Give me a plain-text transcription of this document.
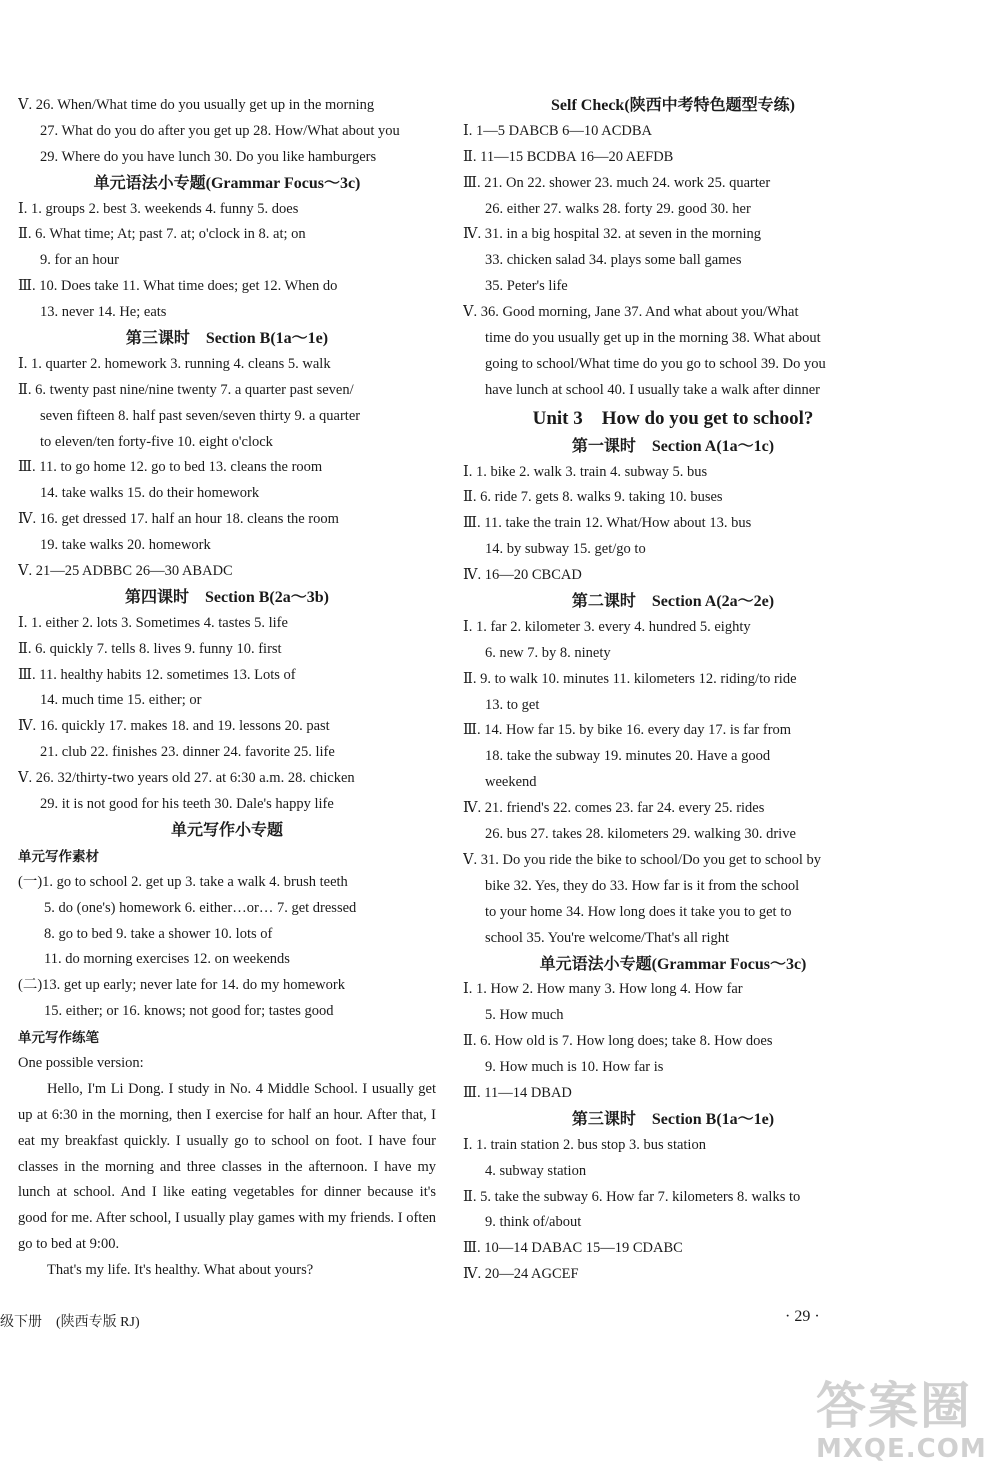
Ⅴ. 26. When/What time do you usually get up in the morning
27. What do you do after you get up 28. How/What about you
29. Where do you have lunch 30. Do you like hamburgers
单元语法小专题(Grammar Focus～3c)
Ⅰ. 1. groups 2. best 3. weekends 4. funny 5. does
Ⅱ. 6. What time; At; past 7. at; o'clock in 8. at; on
9. for an hour
Ⅲ. 10. Does take 11. What time does; get 12. When do
13. never 14. He; eats
第三课时　Section B(1a～1e)
Ⅰ. 1. quarter 2. homework 3. running 4. cleans 5. walk
Ⅱ. 6. twenty past nine/nine twenty 7. a quarter past seven/
seven fifteen 8. half past seven/seven thirty 9. a quarter
to eleven/ten forty-five 10. eight o'clock
Ⅲ. 11. to go home 12. go to bed 13. cleans the room
14. take walks 15. do their homework
Ⅳ. 16. get dressed 17. half an hour 18. cleans the room
19. take walks 20. homework
Ⅴ. 21—25 ADBBC 26—30 ABADC
第四课时　Section B(2a～3b)
Ⅰ. 1. either 2. lots 3. Sometimes 4. tastes 5. life
Ⅱ. 6. quickly 7. tells 8. lives 9. funny 10. first
Ⅲ. 11. healthy habits 12. sometimes 13. Lots of
14. much time 15. either; or
Ⅳ. 16. quickly 17. makes 18. and 19. lessons 20. past
21. club 22. finishes 23. dinner 24. favorite 25. life
Ⅴ. 26. 32/thirty-two years old 27. at 6:30 a.m. 28. chicken
29. it is not good for his teeth 30. Dale's happy life
单元写作小专题
单元写作素材
(一)1. go to school 2. get up 3. take a walk 4. brush teeth
5. do (one's) homework 6. either…or… 7. get dressed
8. go to bed 9. take a shower 10. lots of
11. do morning exercises 12. on weekends
(二)13. get up early; never late for 14. do my homework
15. either; or 16. knows; not good for; tastes good
单元写作练笔
One possible version:

Hello, I'm Li Dong. I study in No. 4 Middle School. I usually get up at 6:30 in the morning, then I exercise for half an hour. After that, I eat my breakfast quickly. I usually go to school on foot. I have four classes in the morning and three classes in the afternoon. I have my lunch at school. And I like eating vegetables for dinner because it's good for me. After school, I usually play games with my friends. I often go to bed at 9:00.

That's my life. It's healthy. What about yours?

Self Check(陕西中考特色题型专练)
Ⅰ. 1—5 DABCB 6—10 ACDBA
Ⅱ. 11—15 BCDBA 16—20 AEFDB
Ⅲ. 21. On 22. shower 23. much 24. work 25. quarter
26. either 27. walks 28. forty 29. good 30. her
Ⅳ. 31. in a big hospital 32. at seven in the morning
33. chicken salad 34. plays some ball games
35. Peter's life
Ⅴ. 36. Good morning, Jane 37. And what about you/What
time do you usually get up in the morning 38. What about
going to school/What time do you go to school 39. Do you
have lunch at school 40. I usually take a walk after dinner
Unit 3　How do you get to school?
第一课时　Section A(1a～1c)
Ⅰ. 1. bike 2. walk 3. train 4. subway 5. bus
Ⅱ. 6. ride 7. gets 8. walks 9. taking 10. buses
Ⅲ. 11. take the train 12. What/How about 13. bus
14. by subway 15. get/go to
Ⅳ. 16—20 CBCAD
第二课时　Section A(2a～2e)
Ⅰ. 1. far 2. kilometer 3. every 4. hundred 5. eighty
6. new 7. by 8. ninety
Ⅱ. 9. to walk 10. minutes 11. kilometers 12. riding/to ride
13. to get
Ⅲ. 14. How far 15. by bike 16. every day 17. is far from
18. take the subway 19. minutes 20. Have a good
weekend
Ⅳ. 21. friend's 22. comes 23. far 24. every 25. rides
26. bus 27. takes 28. kilometers 29. walking 30. drive
Ⅴ. 31. Do you ride the bike to school/Do you get to school by
bike 32. Yes, they do 33. How far is it from the school
to your home 34. How long does it take you to get to
school 35. You're welcome/That's all right
单元语法小专题(Grammar Focus～3c)
Ⅰ. 1. How 2. How many 3. How long 4. How far
5. How much
Ⅱ. 6. How old is 7. How long does; take 8. How does
9. How much is 10. How far is
Ⅲ. 11—14 DBAD
第三课时　Section B(1a～1e)
Ⅰ. 1. train station 2. bus stop 3. bus station
4. subway station
Ⅱ. 5. take the subway 6. How far 7. kilometers 8. walks to
9. think of/about
Ⅲ. 10—14 DABAC 15—19 CDABC
Ⅳ. 20—24 AGCEF
级下册　(陕西专版 RJ)	· 29 ·
答案圈
MXQE.COM
